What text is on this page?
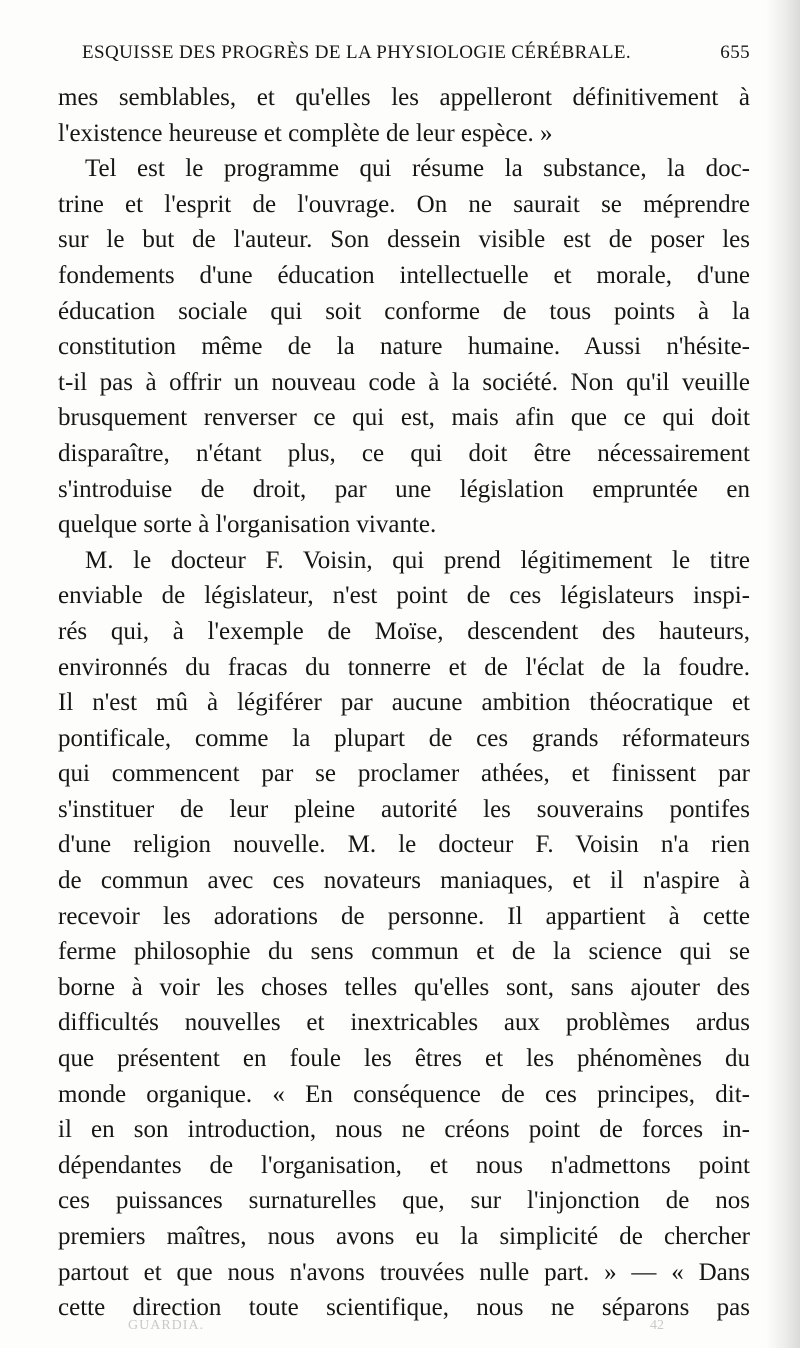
ESQUISSE DES PROGRÈS DE LA PHYSIOLOGIE CÉRÉBRALE.	655
mes semblables, et qu'elles les appelleront définitivement à
l'existence heureuse et complète de leur espèce. »
Tel est le programme qui résume la substance, la doc-
trine et l'esprit de l'ouvrage. On ne saurait se méprendre
sur le but de l'auteur. Son dessein visible est de poser les
fondements d'une éducation intellectuelle et morale, d'une
éducation sociale qui soit conforme de tous points à la
constitution même de la nature humaine. Aussi n'hésite-
t-il pas à offrir un nouveau code à la société. Non qu'il veuille
brusquement renverser ce qui est, mais afin que ce qui doit
disparaître, n'étant plus, ce qui doit être nécessairement
s'introduise de droit, par une législation empruntée en
quelque sorte à l'organisation vivante.
M. le docteur F. Voisin, qui prend légitimement le titre
enviable de législateur, n'est point de ces législateurs inspi-
rés qui, à l'exemple de Moïse, descendent des hauteurs,
environnés du fracas du tonnerre et de l'éclat de la foudre.
Il n'est mû à légiférer par aucune ambition théocratique et
pontificale, comme la plupart de ces grands réformateurs
qui commencent par se proclamer athées, et finissent par
s'instituer de leur pleine autorité les souverains pontifes
d'une religion nouvelle. M. le docteur F. Voisin n'a rien
de commun avec ces novateurs maniaques, et il n'aspire à
recevoir les adorations de personne. Il appartient à cette
ferme philosophie du sens commun et de la science qui se
borne à voir les choses telles qu'elles sont, sans ajouter des
difficultés nouvelles et inextricables aux problèmes ardus
que présentent en foule les êtres et les phénomènes du
monde organique. « En conséquence de ces principes, dit-
il en son introduction, nous ne créons point de forces in-
dépendantes de l'organisation, et nous n'admettons point
ces puissances surnaturelles que, sur l'injonction de nos
premiers maîtres, nous avons eu la simplicité de chercher
partout et que nous n'avons trouvées nulle part. » — « Dans
cette direction toute scientifique, nous ne séparons pas
GUARDIA.	42
